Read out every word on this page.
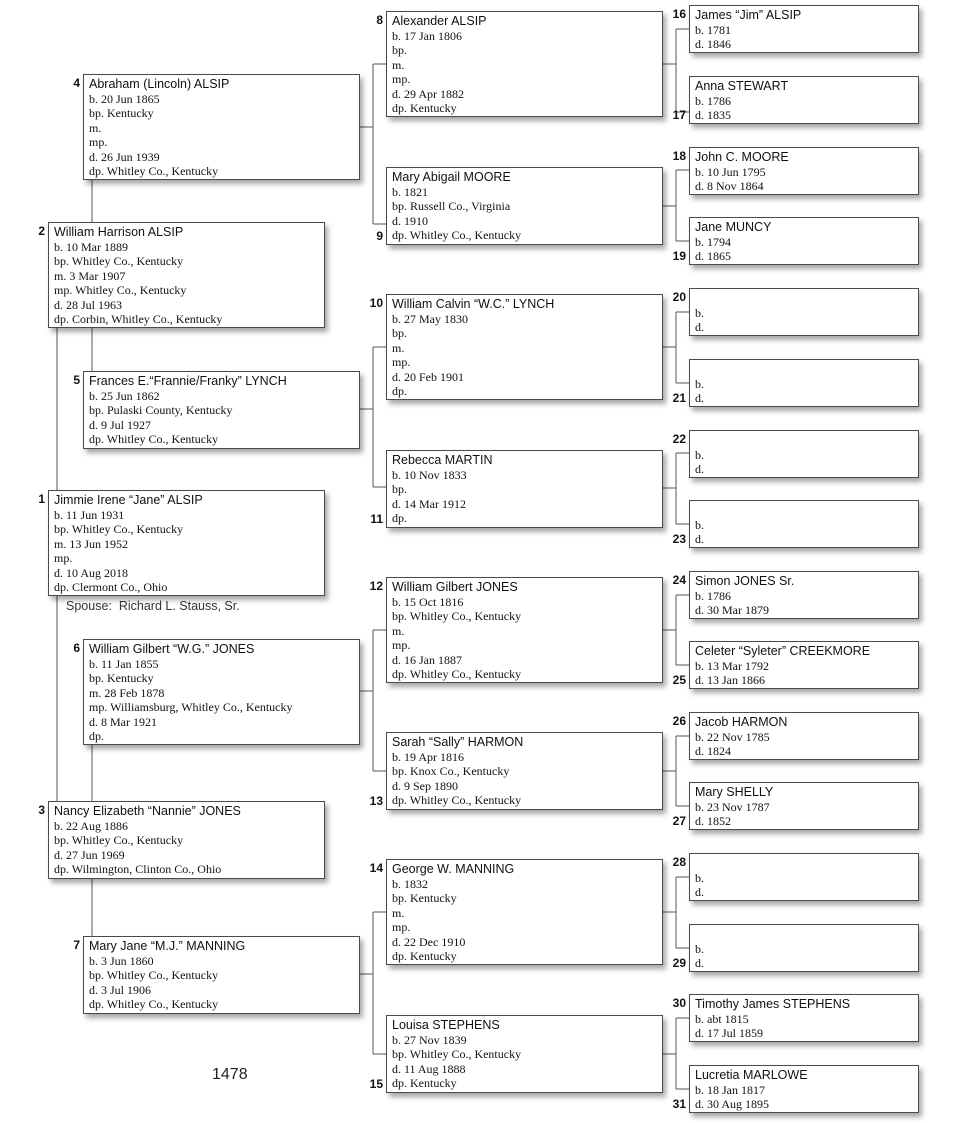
Jimmie Irene “Jane” ALSIP
b. 11 Jun 1931
bp. Whitley Co., Kentucky
m. 13 Jun 1952
mp.
d. 10 Aug 2018
dp. Clermont Co., Ohio
1
William Harrison ALSIP
b. 10 Mar 1889
bp. Whitley Co., Kentucky
m. 3 Mar 1907
mp. Whitley Co., Kentucky
d. 28 Jul 1963
dp. Corbin, Whitley Co., Kentucky
2
Nancy Elizabeth “Nannie” JONES
b. 22 Aug 1886
bp. Whitley Co., Kentucky
d. 27 Jun 1969
dp. Wilmington, Clinton Co., Ohio
3
Abraham (Lincoln) ALSIP
b. 20 Jun 1865
bp. Kentucky
m.
mp.
d. 26 Jun 1939
dp. Whitley Co., Kentucky
4
Frances E.“Frannie/Franky” LYNCH
b. 25 Jun 1862
bp. Pulaski County, Kentucky
d. 9 Jul 1927
dp. Whitley Co., Kentucky
5
William Gilbert “W.G.” JONES
b. 11 Jan 1855
bp. Kentucky
m. 28 Feb 1878
mp. Williamsburg, Whitley Co., Kentucky
d. 8 Mar 1921
dp.
6
Mary Jane “M.J.” MANNING
b. 3 Jun 1860
bp. Whitley Co., Kentucky
d. 3 Jul 1906
dp. Whitley Co., Kentucky
7
Alexander ALSIP
b. 17 Jan 1806
bp.
m.
mp.
d. 29 Apr 1882
dp. Kentucky
8
Mary Abigail MOORE
b. 1821
bp. Russell Co., Virginia
d. 1910
dp. Whitley Co., Kentucky
9
William Calvin “W.C.” LYNCH
b. 27 May 1830
bp.
m.
mp.
d. 20 Feb 1901
dp.
10
Rebecca MARTIN
b. 10 Nov 1833
bp.
d. 14 Mar 1912
dp.
11
William Gilbert JONES
b. 15 Oct 1816
bp. Whitley Co., Kentucky
m.
mp.
d. 16 Jan 1887
dp. Whitley Co., Kentucky
12
Sarah “Sally” HARMON
b. 19 Apr 1816
bp. Knox Co., Kentucky
d. 9 Sep 1890
dp. Whitley Co., Kentucky
13
George W. MANNING
b. 1832
bp. Kentucky
m.
mp.
d. 22 Dec 1910
dp. Kentucky
14
Louisa STEPHENS
b. 27 Nov 1839
bp. Whitley Co., Kentucky
d. 11 Aug 1888
dp. Kentucky
15
James “Jim” ALSIP
b. 1781
d. 1846
16
Anna STEWART
b. 1786
d. 1835
17
John C. MOORE
b. 10 Jun 1795
d. 8 Nov 1864
18
Jane MUNCY
b. 1794
d. 1865
19

b.
d.
20

b.
d.
21

b.
d.
22

b.
d.
23
Simon JONES Sr.
b. 1786
d. 30 Mar 1879
24
Celeter “Syleter” CREEKMORE
b. 13 Mar 1792
d. 13 Jan 1866
25
Jacob HARMON
b. 22 Nov 1785
d. 1824
26
Mary SHELLY
b. 23 Nov 1787
d. 1852
27

b.
d.
28

b.
d.
29
Timothy James STEPHENS
b. abt 1815
d. 17 Jul 1859
30
Lucretia MARLOWE
b. 18 Jan 1817
d. 30 Aug 1895
31
Spouse: Richard L. Stauss, Sr.
1478
